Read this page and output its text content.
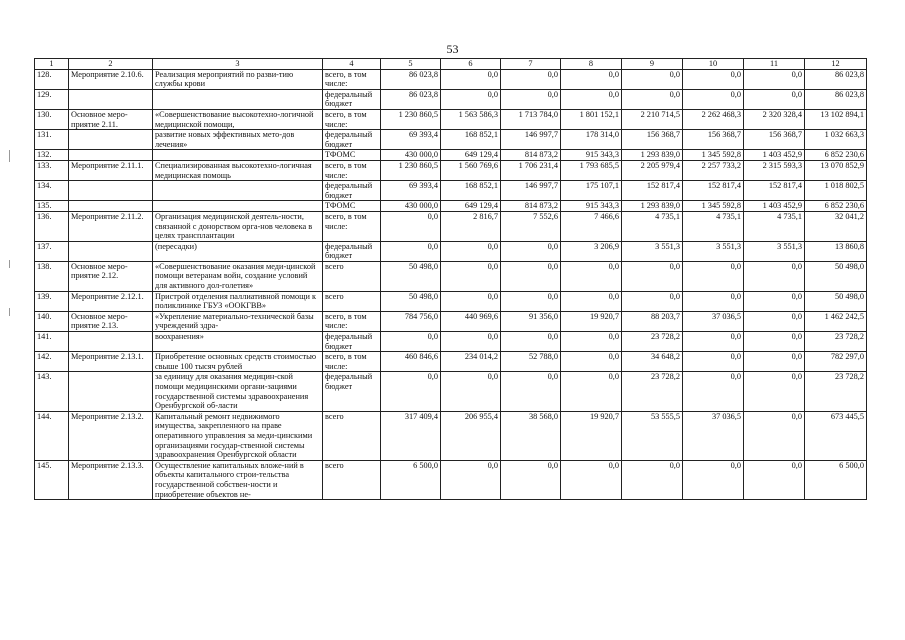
53
1	2	3	4	5	6	7	8	9	10	11	12
128.	Мероприятие 2.10.6.	Реализация мероприятий по разви-тию службы крови	всего, в том числе:	86 023,8	0,0	0,0	0,0	0,0	0,0	0,0	86 023,8
129.			федеральный бюджет	86 023,8	0,0	0,0	0,0	0,0	0,0	0,0	86 023,8
130.	Основное меро-приятие 2.11.	«Совершенствование высокотехно-логичной медицинской помощи,	всего, в том числе:	1 230 860,5	1 563 586,3	1 713 784,0	1 801 152,1	2 210 714,5	2 262 468,3	2 320 328,4	13 102 894,1
131.		развитие новых эффективных мето-дов лечения»	федеральный бюджет	69 393,4	168 852,1	146 997,7	178 314,0	156 368,7	156 368,7	156 368,7	1 032 663,3
132.			ТФОМС	430 000,0	649 129,4	814 873,2	915 343,3	1 293 839,0	1 345 592,8	1 403 452,9	6 852 230,6
133.	Мероприятие 2.11.1.	Специализированная высокотехно-логичная медицинская помощь	всего, в том числе:	1 230 860,5	1 560 769,6	1 706 231,4	1 793 685,5	2 205 979,4	2 257 733,2	2 315 593,3	13 070 852,9
134.			федеральный бюджет	69 393,4	168 852,1	146 997,7	175 107,1	152 817,4	152 817,4	152 817,4	1 018 802,5
135.			ТФОМС	430 000,0	649 129,4	814 873,2	915 343,3	1 293 839,0	1 345 592,8	1 403 452,9	6 852 230,6
136.	Мероприятие 2.11.2.	Организация медицинской деятель-ности, связанной с донорством орга-нов человека в целях трансплантации	всего, в том числе:	0,0	2 816,7	7 552,6	7 466,6	4 735,1	4 735,1	4 735,1	32 041,2
137.		(пересадки)	федеральный бюджет	0,0	0,0	0,0	3 206,9	3 551,3	3 551,3	3 551,3	13 860,8
138.	Основное меро-приятие 2.12.	«Совершенствование оказания меди-цинской помощи ветеранам войн, создание условий для активного дол-голетия»	всего	50 498,0	0,0	0,0	0,0	0,0	0,0	0,0	50 498,0
139.	Мероприятие 2.12.1.	Пристрой отделения паллиативной помощи к поликлинике ГБУЗ «ООКГВВ»	всего	50 498,0	0,0	0,0	0,0	0,0	0,0	0,0	50 498,0
140.	Основное меро-приятие 2.13.	«Укрепление материально-технической базы учреждений здра-	всего, в том числе:	784 756,0	440 969,6	91 356,0	19 920,7	88 203,7	37 036,5	0,0	1 462 242,5
141.		воохранения»	федеральный бюджет	0,0	0,0	0,0	0,0	23 728,2	0,0	0,0	23 728,2
142.	Мероприятие 2.13.1.	Приобретение основных средств стоимостью свыше 100 тысяч рублей	всего, в том числе:	460 846,6	234 014,2	52 788,0	0,0	34 648,2	0,0	0,0	782 297,0
143.		за единицу для оказания медицин-ской помощи медицинскими органи-зациями государственной системы здравоохранения Оренбургской об-ласти	федеральный бюджет	0,0	0,0	0,0	0,0	23 728,2	0,0	0,0	23 728,2
144.	Мероприятие 2.13.2.	Капитальный ремонт недвижимого имущества, закрепленного на праве оперативного управления за меди-цинскими организациями государ-ственной системы здравоохранения Оренбургской области	всего	317 409,4	206 955,4	38 568,0	19 920,7	53 555,5	37 036,5	0,0	673 445,5
145.	Мероприятие 2.13.3.	Осуществление капитальных вложе-ний в объекты капитального строи-тельства государственной собствен-ности и приобретение объектов не-	всего	6 500,0	0,0	0,0	0,0	0,0	0,0	0,0	6 500,0
